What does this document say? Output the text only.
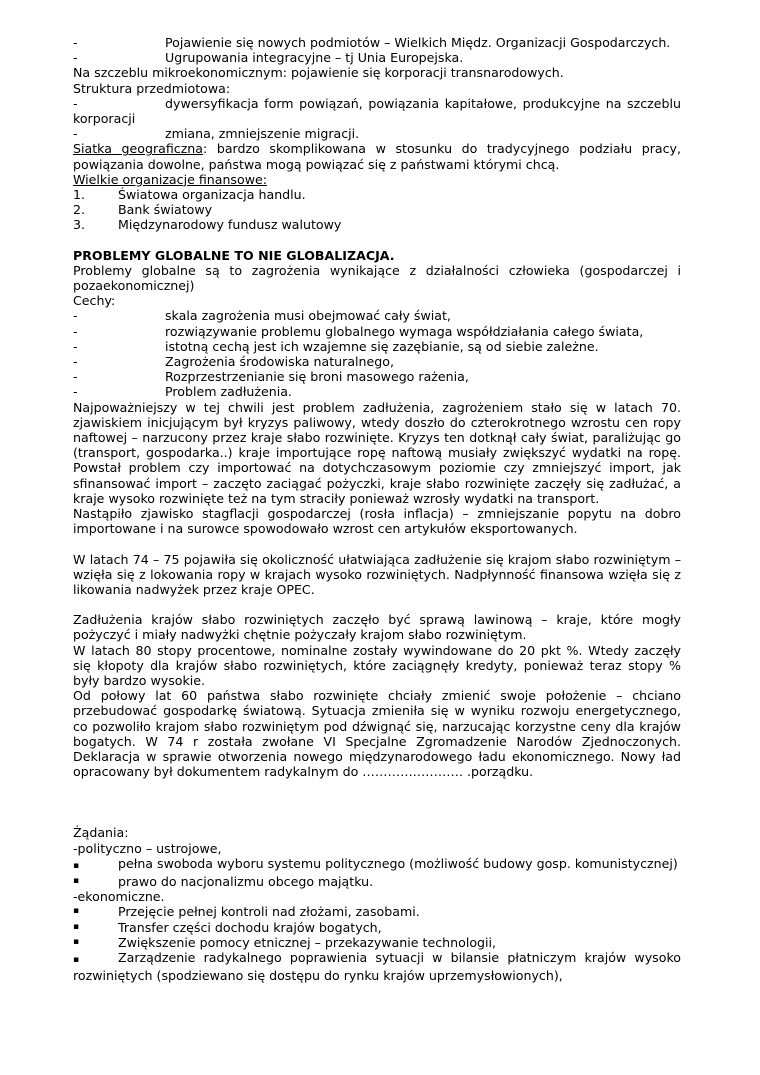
-	Pojawienie się nowych podmiotów – Wielkich Międz. Organizacji Gospodarczych.
-	Ugrupowania integracyjne – tj Unia Europejska.

Na szczeblu mikroekonomicznym: pojawienie się korporacji transnarodowych.

Struktura przedmiotowa:

-	dywersyfikacja form powiązań, powiązania kapitałowe, produkcyjne na szczeblu korporacji

-	zmiana, zmniejszenie migracji.

Siatka geograficzna: bardzo skomplikowana w stosunku do tradycyjnego podziału pracy, powiązania dowolne, państwa mogą powiązać się z państwami którymi chcą.

Wielkie organizacje finansowe:

1.	Światowa organizacja handlu.
2.	Bank światowy
3.	Międzynarodowy fundusz walutowy

PROBLEMY GLOBALNE TO NIE GLOBALIZACJA.

Problemy globalne są to zagrożenia wynikające z działalności człowieka (gospodarczej i pozaekonomicznej)

Cechy:

-	skala zagrożenia musi obejmować cały świat,
-	rozwiązywanie problemu globalnego wymaga współdziałania całego świata,
-	istotną cechą jest ich wzajemne się zazębianie, są od siebie zależne.
-	Zagrożenia środowiska naturalnego,
-	Rozprzestrzenianie się broni masowego rażenia,
-	Problem zadłużenia.

Najpoważniejszy w tej chwili jest problem zadłużenia, zagrożeniem stało się w latach 70. zjawiskiem inicjującym był kryzys paliwowy, wtedy doszło do czterokrotnego wzrostu cen ropy naftowej – narzucony przez kraje słabo rozwinięte. Kryzys ten dotknął cały świat, paraliżując go (transport, gospodarka..) kraje importujące ropę naftową musiały zwiększyć wydatki na ropę. Powstał problem czy importować na dotychczasowym poziomie czy zmniejszyć import, jak sfinansować import – zaczęto zaciągać pożyczki, kraje słabo rozwinięte zaczęły się zadłużać, a kraje wysoko rozwinięte też na tym straciły ponieważ wzrosły wydatki na transport.

Nastąpiło zjawisko stagflacji gospodarczej (rosła inflacja) – zmniejszanie popytu na dobro importowane i na surowce spowodowało wzrost cen artykułów eksportowanych.

W latach 74 – 75 pojawiła się okoliczność ułatwiająca zadłużenie się krajom słabo rozwiniętym – wzięła się z lokowania ropy w krajach wysoko rozwiniętych. Nadpłynność finansowa wzięła się z likowania nadwyżek przez kraje OPEC.

Zadłużenia krajów słabo rozwiniętych zaczęło być sprawą lawinową – kraje, które mogły pożyczyć i miały nadwyżki chętnie pożyczały krajom słabo rozwiniętym.

W latach 80 stopy procentowe, nominalne zostały wywindowane do 20 pkt %. Wtedy zaczęły się kłopoty dla krajów słabo rozwiniętych, które zaciągnęły kredyty, ponieważ teraz stopy % były bardzo wysokie.

Od połowy lat 60 państwa słabo rozwinięte chciały zmienić swoje położenie – chciano przebudować gospodarkę światową. Sytuacja zmieniła się w wyniku rozwoju energetycznego, co pozwoliło krajom słabo rozwiniętym pod dźwignąć się, narzucając korzystne ceny dla krajów bogatych. W 74 r została zwołane VI Specjalne Zgromadzenie Narodów Zjednoczonych. Deklaracja w sprawie otworzenia nowego międzynarodowego ładu ekonomicznego. Nowy ład opracowany był dokumentem radykalnym do …………………… .porządku.

Żądania:

-polityczno – ustrojowe,

▪	pełna swoboda wyboru systemu politycznego (możliwość budowy gosp. komunistycznej)

▪	prawo do nacjonalizmu obcego majątku.

-ekonomiczne.

▪	Przejęcie pełnej kontroli nad złożami, zasobami.
▪	Transfer części dochodu krajów bogatych,
▪	Zwiększenie pomocy etnicznej – przekazywanie technologii,

▪	Zarządzenie radykalnego poprawienia sytuacji w bilansie płatniczym krajów wysoko rozwiniętych (spodziewano się dostępu do rynku krajów uprzemysłowionych),
